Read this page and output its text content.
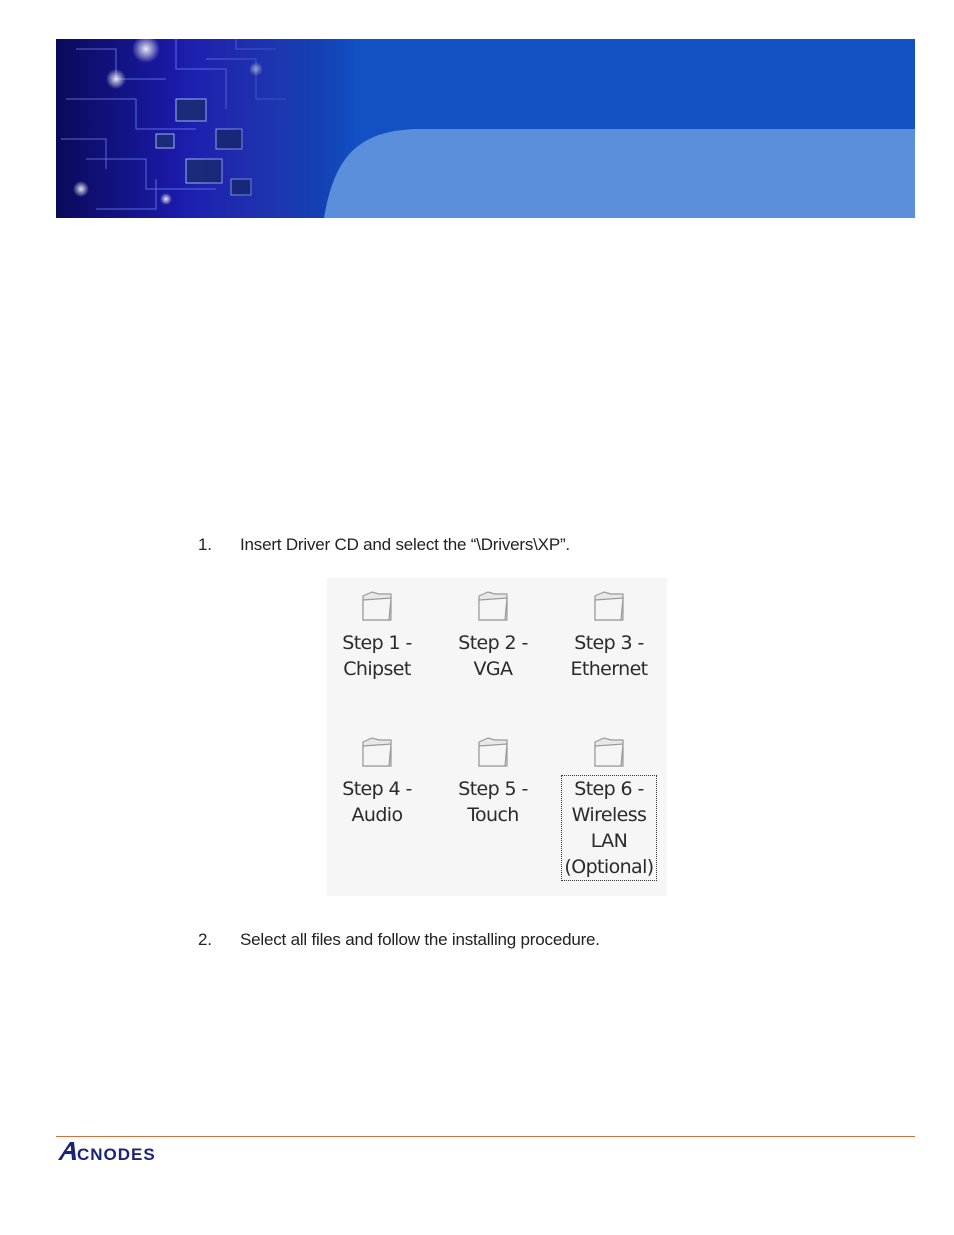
1. Insert Driver CD and select the “\Drivers\XP”.
Step 1 -
Chipset
Step 2 -
VGA
Step 3 -
Ethernet
Step 4 -
Audio
Step 5 -
Touch
Step 6 -
Wireless
LAN
(Optional)
2. Select all files and follow the installing procedure.
CNODES
